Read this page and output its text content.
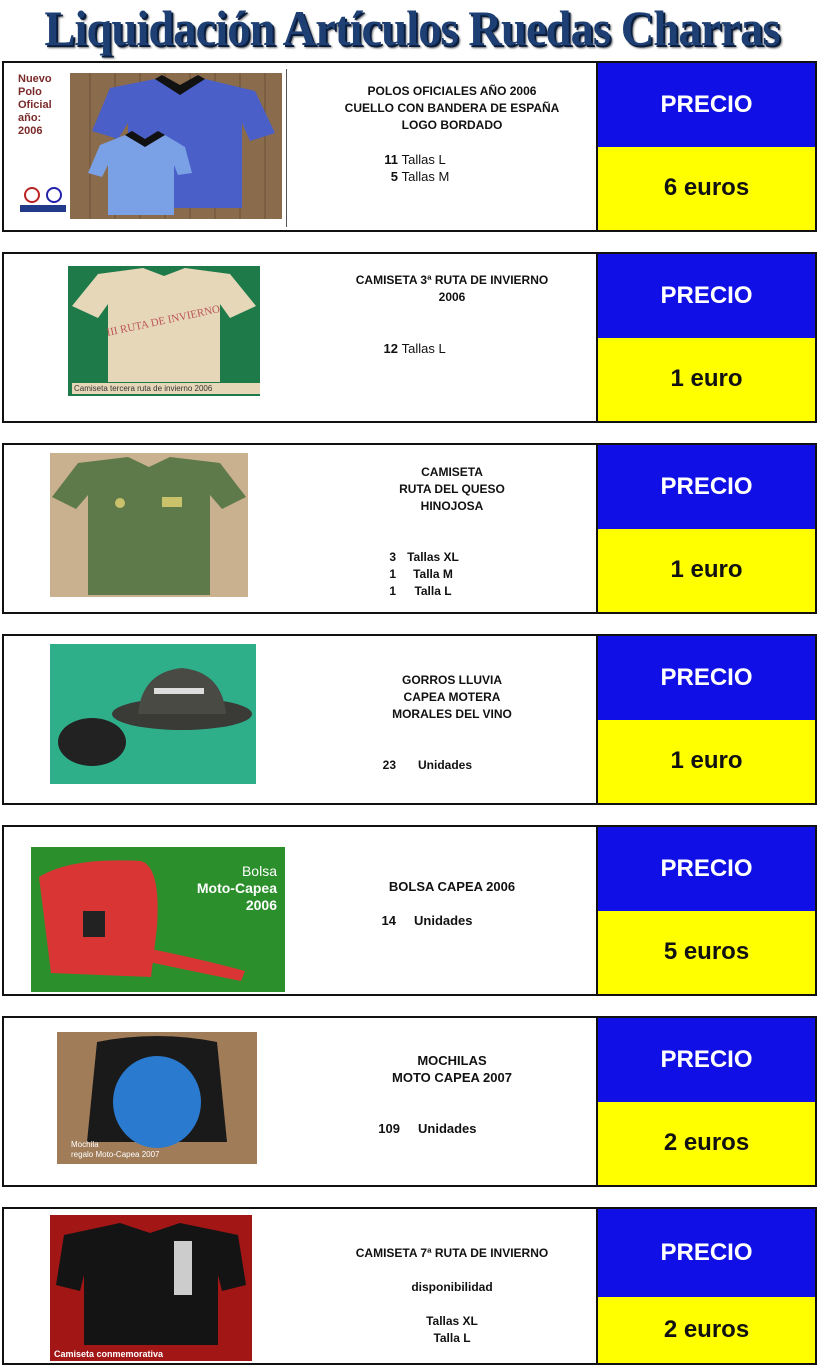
Liquidación Artículos Ruedas Charras
Nuevo
Polo
Oficial
año:
2006
POLOS OFICIALES AÑO 2006
CUELLO CON BANDERA DE ESPAÑA
LOGO BORDADO
11 Tallas L
5 Tallas M
PRECIO
6 euros
III RUTA DE INVIERNO
Camiseta tercera ruta de invierno 2006
CAMISETA 3ª RUTA DE INVIERNO
2006
12 Tallas L
PRECIO
1 euro
CAMISETA
RUTA DEL QUESO
HINOJOSA
3 Tallas XL
1 Talla M
1 Talla L
PRECIO
1 euro
GORROS LLUVIA
CAPEA MOTERA
MORALES DEL VINO
23 Unidades
PRECIO
1 euro
Bolsa
Moto-Capea
2006
BOLSA CAPEA 2006
14 Unidades
PRECIO
5 euros
Mochila
regalo Moto-Capea 2007
MOCHILAS
MOTO CAPEA 2007
109 Unidades
PRECIO
2 euros
Camiseta conmemorativa
CAMISETA 7ª RUTA DE INVIERNO
disponibilidad
Tallas XL
Talla L
PRECIO
2 euros
